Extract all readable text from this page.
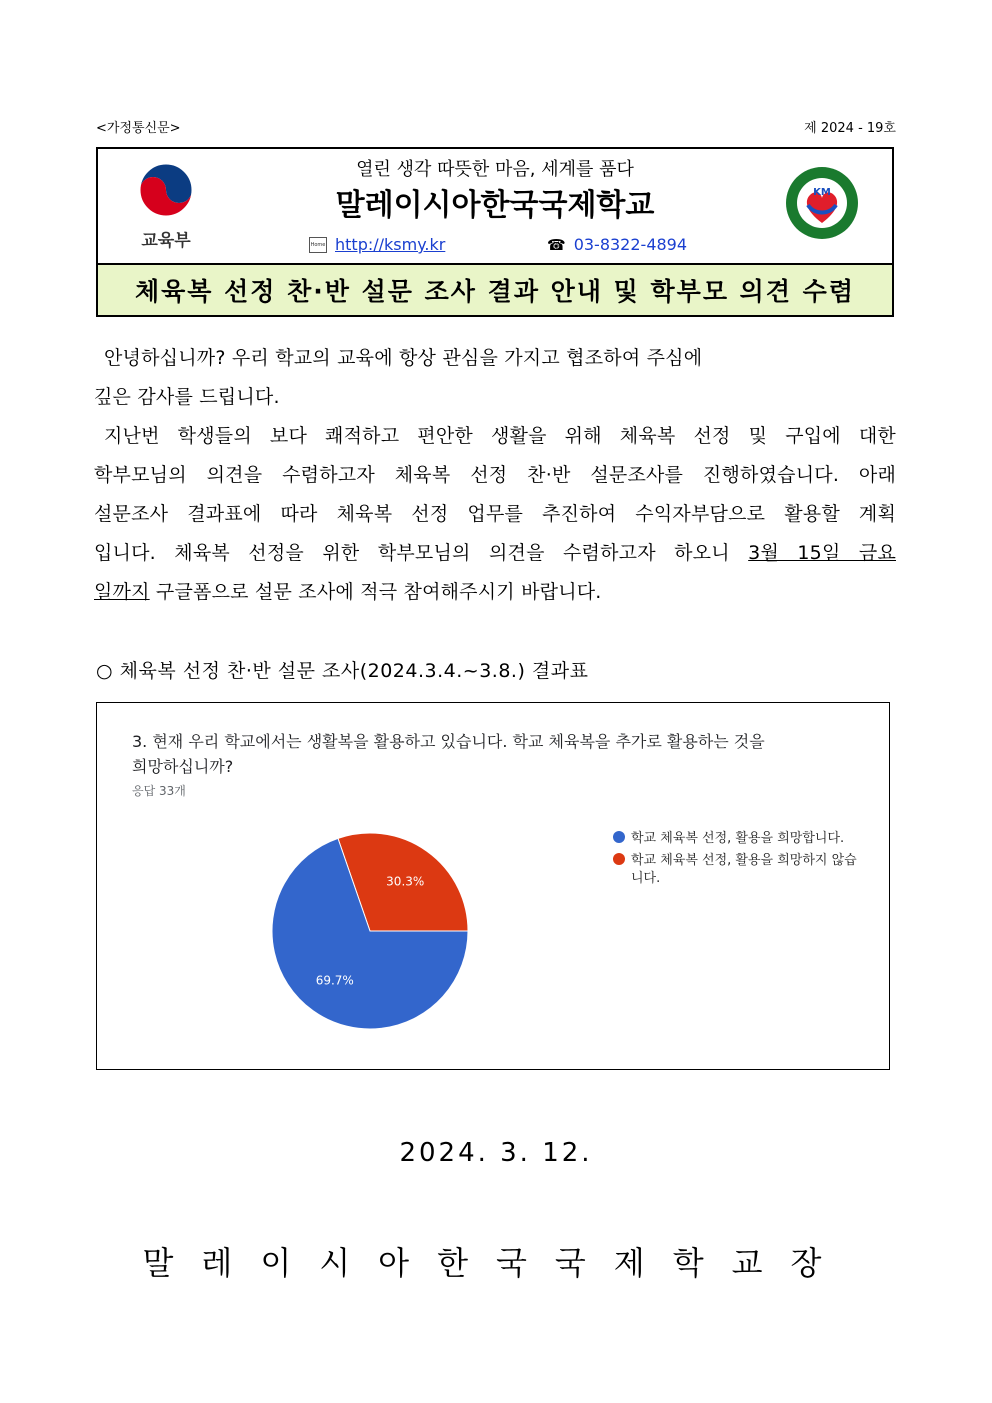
<가정통신문>	제 2024 - 19호
교육부
열린 생각 따뜻한 마음, 세계를 품다
말레이시아한국국제학교
Home http://ksmy.kr	☎ 03-8322-4894
KM
체육복 선정 찬·반 설문 조사 결과 안내 및 학부모 의견 수렴
안녕하십니까? 우리 학교의 교육에 항상 관심을 가지고 협조하여 주심에
깊은 감사를 드립니다.
지난번 학생들의 보다 쾌적하고 편안한 생활을 위해 체육복 선정 및 구입에 대한
학부모님의 의견을 수렴하고자 체육복 선정 찬·반 설문조사를 진행하였습니다. 아래
설문조사 결과표에 따라 체육복 선정 업무를 추진하여 수익자부담으로 활용할 계획
입니다. 체육복 선정을 위한 학부모님의 의견을 수렴하고자 하오니 3월 15일 금요
일까지 구글폼으로 설문 조사에 적극 참여해주시기 바랍니다.
○ 체육복 선정 찬·반 설문 조사(2024.3.4.~3.8.) 결과표
3. 현재 우리 학교에서는 생활복을 활용하고 있습니다. 학교 체육복을 추가로 활용하는 것을
희망하십니까?
응답 33개
30.3%
69.7%
학교 체육복 선정, 활용을 희망합니다.
학교 체육복 선정, 활용을 희망하지 않습
니다.
2024. 3. 12.
말레이시아한국국제학교장
